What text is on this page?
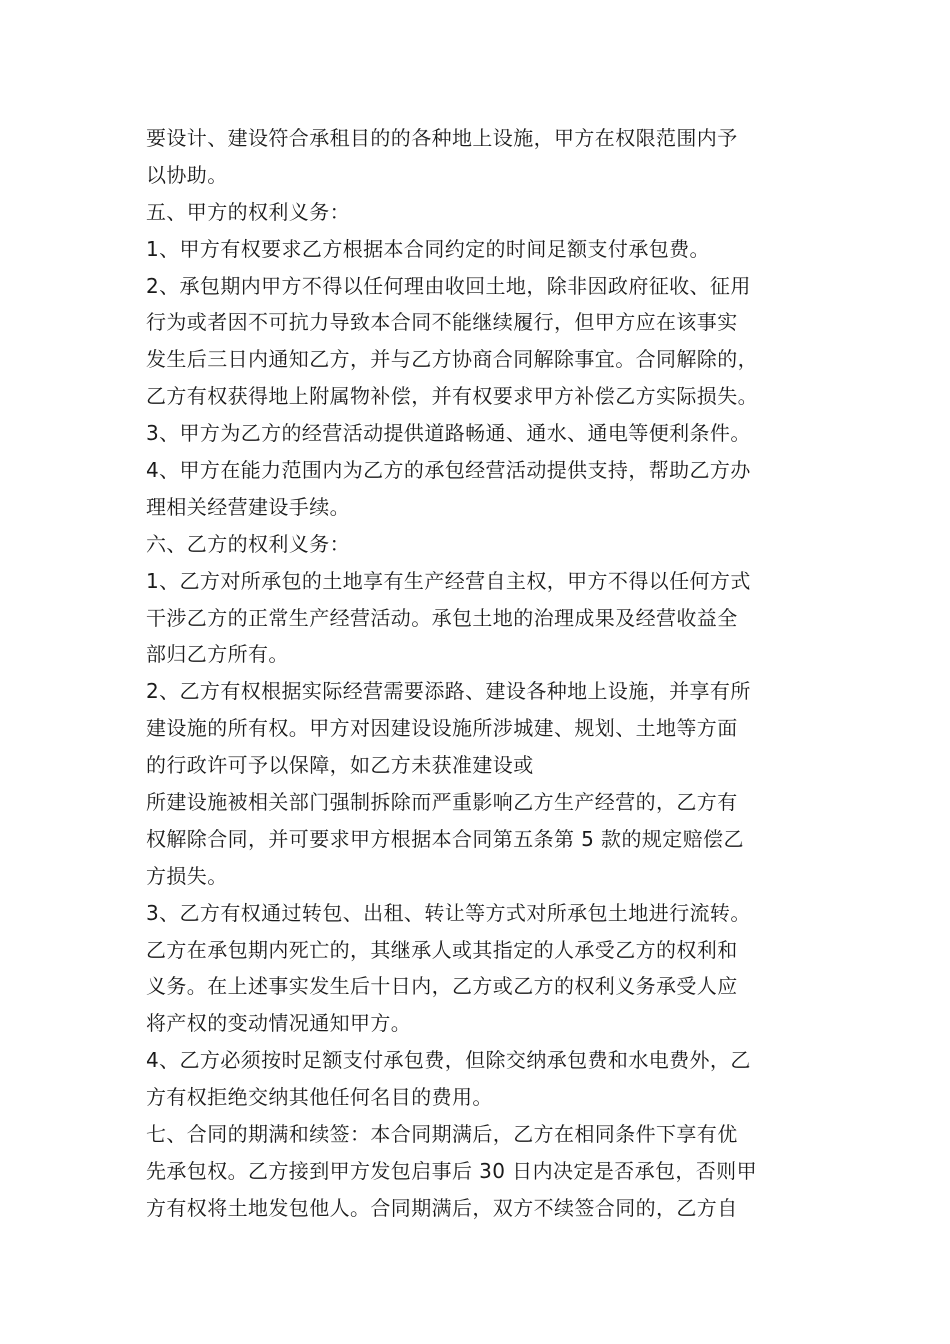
要设计、建设符合承租目的的各种地上设施，甲方在权限范围内予
以协助。
五、甲方的权利义务：
1、甲方有权要求乙方根据本合同约定的时间足额支付承包费。
2、承包期内甲方不得以任何理由收回土地，除非因政府征收、征用
行为或者因不可抗力导致本合同不能继续履行，但甲方应在该事实
发生后三日内通知乙方，并与乙方协商合同解除事宜。合同解除的，
乙方有权获得地上附属物补偿，并有权要求甲方补偿乙方实际损失。
3、甲方为乙方的经营活动提供道路畅通、通水、通电等便利条件。
4、甲方在能力范围内为乙方的承包经营活动提供支持，帮助乙方办
理相关经营建设手续。
六、乙方的权利义务：
1、乙方对所承包的土地享有生产经营自主权，甲方不得以任何方式
干涉乙方的正常生产经营活动。承包土地的治理成果及经营收益全
部归乙方所有。
2、乙方有权根据实际经营需要添路、建设各种地上设施，并享有所
建设施的所有权。甲方对因建设设施所涉城建、规划、土地等方面
的行政许可予以保障，如乙方未获准建设或
所建设施被相关部门强制拆除而严重影响乙方生产经营的，乙方有
权解除合同，并可要求甲方根据本合同第五条第 5 款的规定赔偿乙
方损失。
3、乙方有权通过转包、出租、转让等方式对所承包土地进行流转。
乙方在承包期内死亡的，其继承人或其指定的人承受乙方的权利和
义务。在上述事实发生后十日内，乙方或乙方的权利义务承受人应
将产权的变动情况通知甲方。
4、乙方必须按时足额支付承包费，但除交纳承包费和水电费外，乙
方有权拒绝交纳其他任何名目的费用。
七、合同的期满和续签：本合同期满后，乙方在相同条件下享有优
先承包权。乙方接到甲方发包启事后 30 日内决定是否承包，否则甲
方有权将土地发包他人。合同期满后，双方不续签合同的，乙方自
